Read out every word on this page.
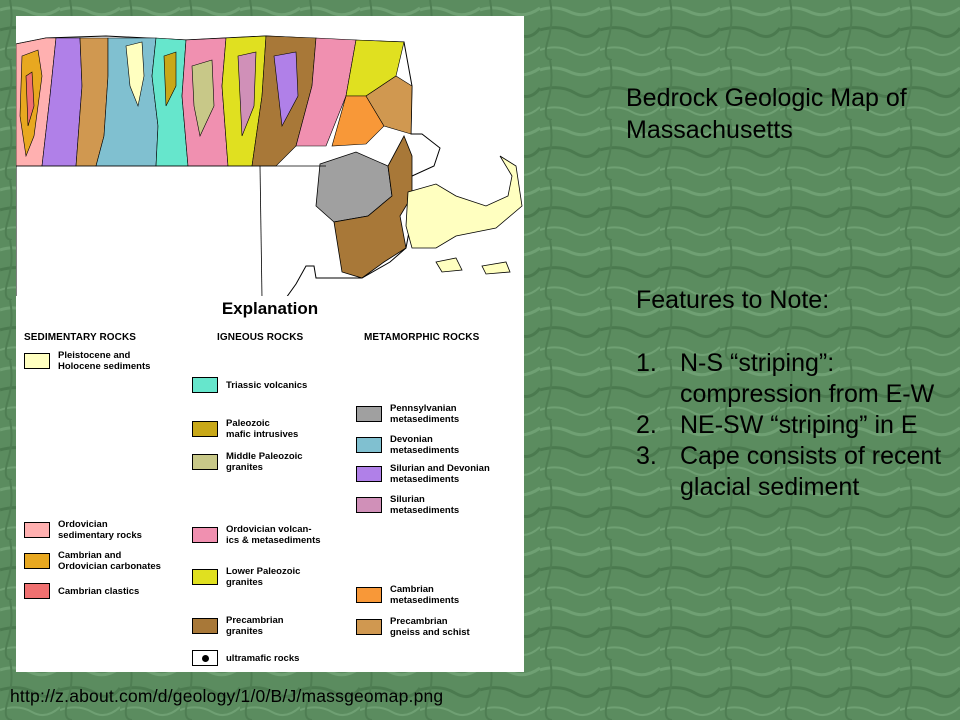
Explanation
SEDIMENTARY ROCKS	IGNEOUS ROCKS	METAMORPHIC ROCKS
Pleistocene and
Holocene sediments
Ordovician
sedimentary rocks
Cambrian and
Ordovician carbonates
Cambrian clastics
Triassic volcanics
Paleozoic
mafic intrusives
Middle Paleozoic
granites
Ordovician volcan-
ics & metasediments
Lower Paleozoic
granites
Precambrian
granites
ultramafic rocks
Pennsylvanian
metasediments
Devonian
metasediments
Silurian and Devonian
metasediments
Silurian
metasediments
Cambrian
metasediments
Precambrian
gneiss and schist
Bedrock Geologic Map of Massachusetts
Features to Note:
1. N-S “striping”: compression from E-W
2. NE-SW “striping” in E
3. Cape consists of recent glacial sediment
http://z.about.com/d/geology/1/0/B/J/massgeomap.png
